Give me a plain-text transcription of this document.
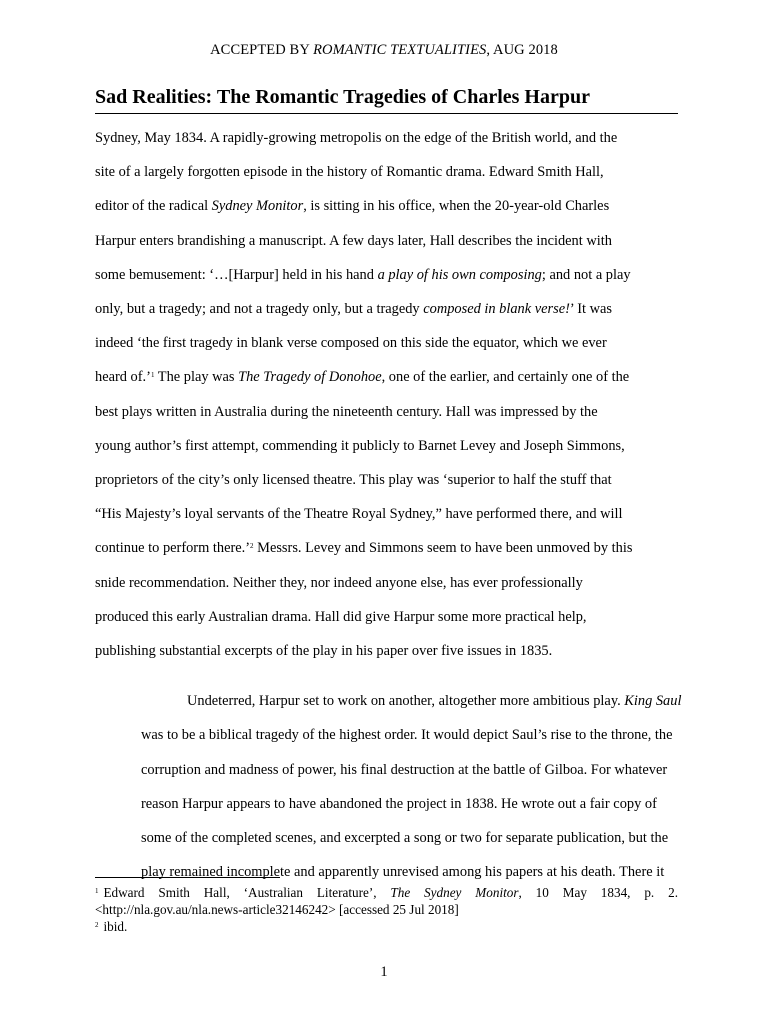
ACCEPTED BY ROMANTIC TEXTUALITIES, AUG 2018
Sad Realities: The Romantic Tragedies of Charles Harpur

Sydney, May 1834. A rapidly-growing metropolis on the edge of the British world, and the
site of a largely forgotten episode in the history of Romantic drama. Edward Smith Hall,
editor of the radical Sydney Monitor, is sitting in his office, when the 20-year-old Charles
Harpur enters brandishing a manuscript. A few days later, Hall describes the incident with
some bemusement: ‘…[Harpur] held in his hand a play of his own composing; and not a play
only, but a tragedy; and not a tragedy only, but a tragedy composed in blank verse!’ It was
indeed ‘the first tragedy in blank verse composed on this side the equator, which we ever
heard of.’$^1$ The play was The Tragedy of Donohoe, one of the earlier, and certainly one of the
best plays written in Australia during the nineteenth century. Hall was impressed by the
young author’s first attempt, commending it publicly to Barnet Levey and Joseph Simmons,
proprietors of the city’s only licensed theatre. This play was ‘superior to half the stuff that
“His Majesty’s loyal servants of the Theatre Royal Sydney,” have performed there, and will
continue to perform there.’$^2$ Messrs. Levey and Simmons seem to have been unmoved by this
snide recommendation. Neither they, nor indeed anyone else, has ever professionally
produced this early Australian drama. Hall did give Harpur some more practical help,
publishing substantial excerpts of the play in his paper over five issues in 1835.

Undeterred, Harpur set to work on another, altogether more ambitious play. King Saul
was to be a biblical tragedy of the highest order. It would depict Saul’s rise to the throne, the
corruption and madness of power, his final destruction at the battle of Gilboa. For whatever
reason Harpur appears to have abandoned the project in 1838. He wrote out a fair copy of
some of the completed scenes, and excerpted a song or two for separate publication, but the
play remained incomplete and apparently unrevised among his papers at his death. There it

$^1$ Edward Smith Hall, ‘Australian Literature’, The Sydney Monitor, 10 May 1834, p. 2. <http://nla.gov.au/nla.news-article32146242> [accessed 25 Jul 2018]
$^2$ ibid.
1
